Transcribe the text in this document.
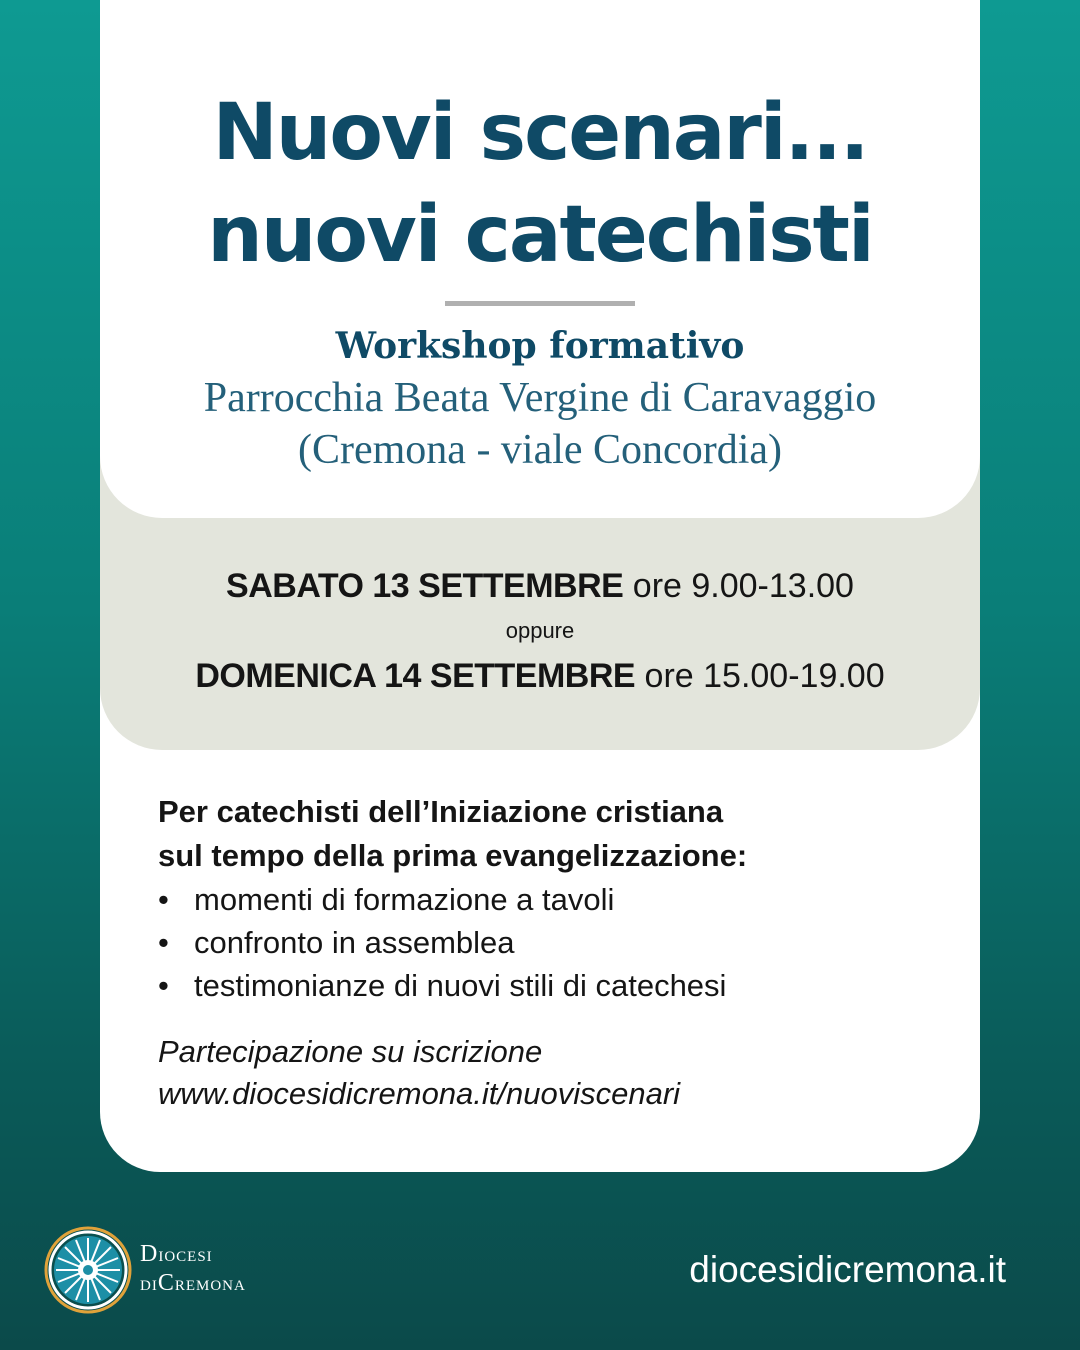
Nuovi scenari...
nuovi catechisti
Workshop formativo
Parrocchia Beata Vergine di Caravaggio
(Cremona - viale Concordia)
SABATO 13 SETTEMBRE ore 9.00-13.00
oppure
DOMENICA 14 SETTEMBRE ore 15.00-19.00
Per catechisti dell’Iniziazione cristiana
sul tempo della prima evangelizzazione:
• momenti di formazione a tavoli
• confronto in assemblea
• testimonianze di nuovi stili di catechesi
Partecipazione su iscrizione
www.diocesidicremona.it/nuoviscenari
DIOCESI
DICREMONA	diocesidicremona.it
